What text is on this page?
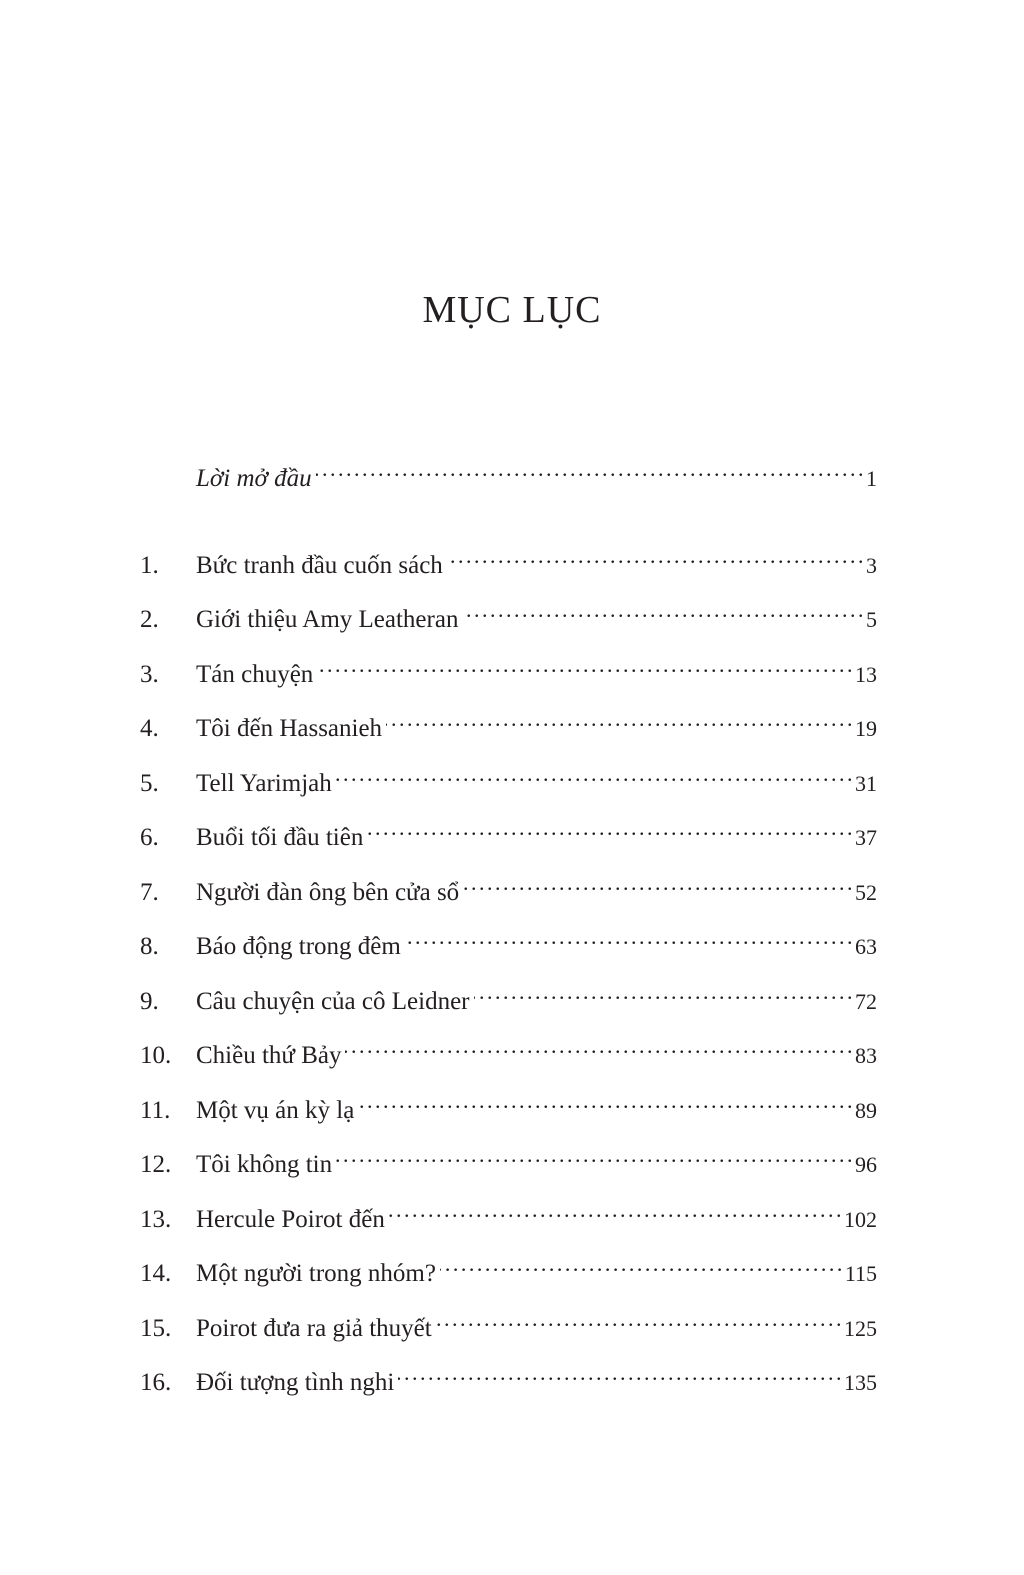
MỤC LỤC
Lời mở đầu . . .	1
1.	Bức tranh đầu cuốn sách . . .	3
2.	Giới thiệu Amy Leatheran . . .	5
3.	Tán chuyện . . .	13
4.	Tôi đến Hassanieh . . .	19
5.	Tell Yarimjah . . .	31
6.	Buổi tối đầu tiên . . .	37
7.	Người đàn ông bên cửa sổ . . .	52
8.	Báo động trong đêm . . .	63
9.	Câu chuyện của cô Leidner . . .	72
10. Chiều thứ Bảy . . .	83
11.	Một vụ án kỳ lạ . . .	89
12. Tôi không tin . . .	96
13. Hercule Poirot đến . . .	102
14. Một người trong nhóm? . . .	115
15. Poirot đưa ra giả thuyết . . .	125
16. Đối tượng tình nghi . . .	135
